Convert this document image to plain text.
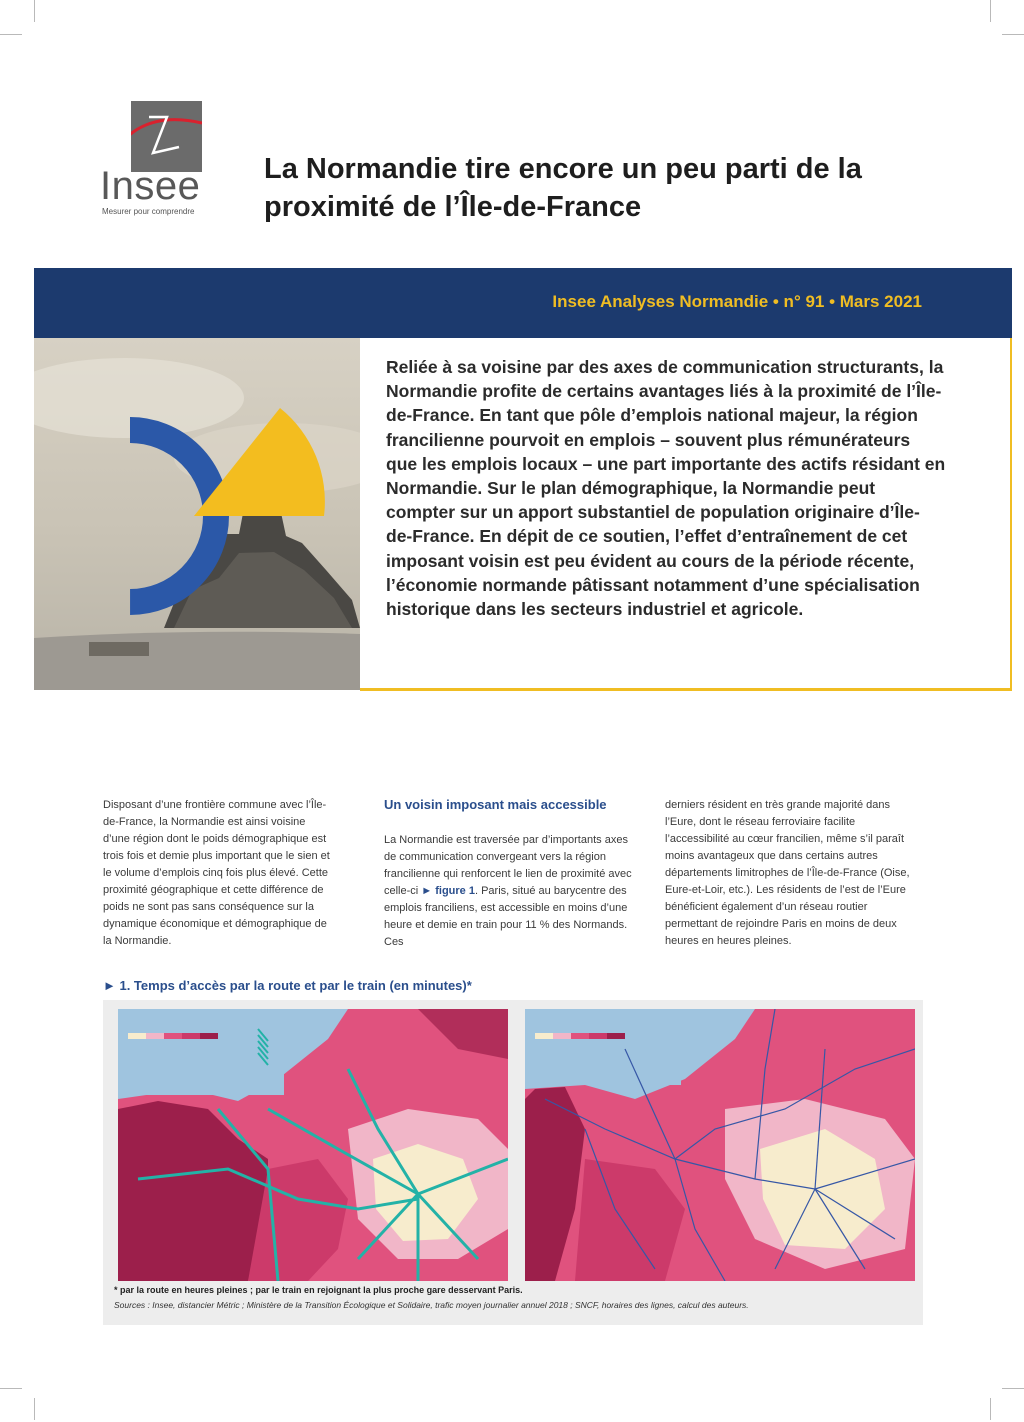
Insee
Mesurer pour comprendre
La Normandie tire encore un peu parti de la proximité de l’Île-de-France
Insee Analyses Normandie • n° 91 • Mars 2021

Reliée à sa voisine par des axes de communication structurants, la Normandie profite de certains avantages liés à la proximité de l’Île-de-France. En tant que pôle d’emplois national majeur, la région francilienne pourvoit en emplois – souvent plus rémunérateurs que les emplois locaux – une part importante des actifs résidant en Normandie. Sur le plan démographique, la Normandie peut compter sur un apport substantiel de population originaire d’Île-de-France. En dépit de ce soutien, l’effet d’entraînement de cet imposant voisin est peu évident au cours de la période récente, l’économie normande pâtissant notamment d’une spécialisation historique dans les secteurs industriel et agricole.

Disposant d’une frontière commune avec l’Île-de-France, la Normandie est ainsi voisine d’une région dont le poids démographique est trois fois et demie plus important que le sien et le volume d’emplois cinq fois plus élevé. Cette proximité géographique et cette différence de poids ne sont pas sans conséquence sur la dynamique économique et démographique de la Normandie.

Un voisin imposant mais accessible

La Normandie est traversée par d’importants axes de communication convergeant vers la région francilienne qui renforcent le lien de proximité avec celle-ci ► figure 1. Paris, situé au barycentre des emplois franciliens, est accessible en moins d’une heure et demie en train pour 11 % des Normands. Ces

derniers résident en très grande majorité dans l’Eure, dont le réseau ferroviaire facilite l’accessibilité au cœur francilien, même s’il paraît moins avantageux que dans certains autres départements limitrophes de l’Île-de-France (Oise, Eure-et-Loir, etc.). Les résidents de l’est de l’Eure bénéficient également d’un réseau routier permettant de rejoindre Paris en moins de deux heures en heures pleines.

► 1. Temps d’accès par la route et par le train (en minutes)*
* par la route en heures pleines ; par le train en rejoignant la plus proche gare desservant Paris.
Sources : Insee, distancier Métric ; Ministère de la Transition Écologique et Solidaire, trafic moyen journalier annuel 2018 ; SNCF, horaires des lignes, calcul des auteurs.
